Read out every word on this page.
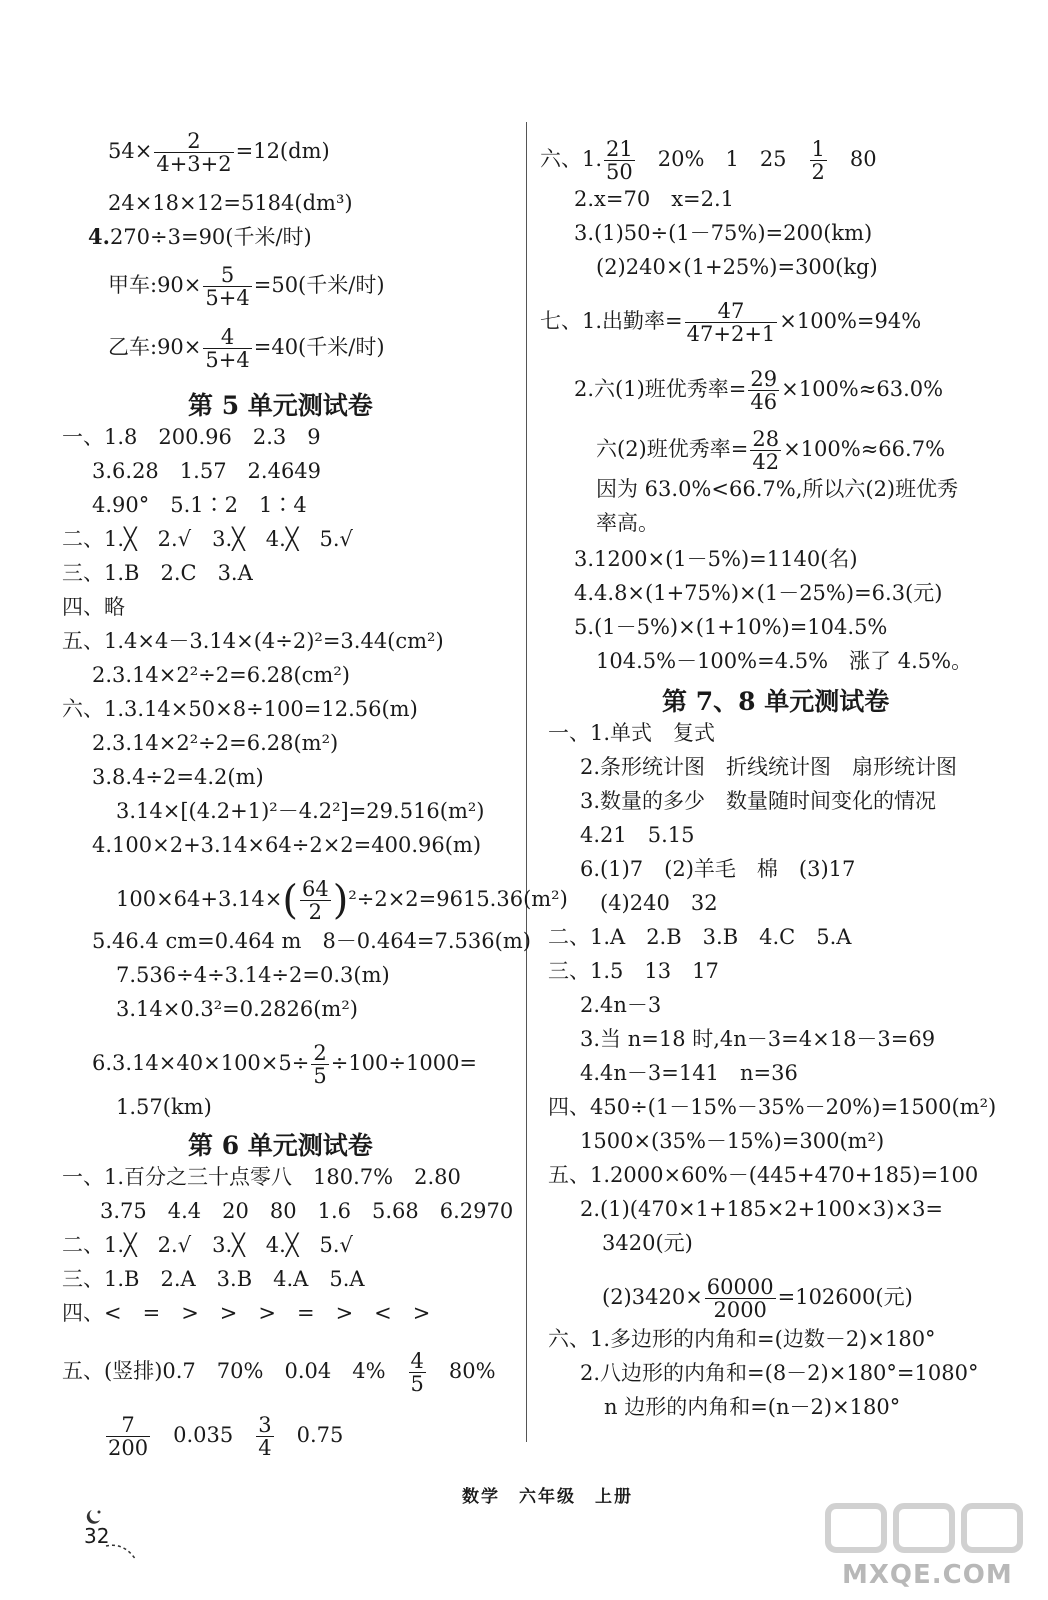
$54\times \frac{2}{4+3+2} =12(dm)$
24×18×12=5184(dm³)
4.270÷3=90(千米/时)
甲车:90× $\frac{5}{5+4} =50$(千米/时)
乙车:90× $\frac{4}{5+4} =40$(千米/时)
第 5 单元测试卷
一、1.8　200.96　2.3　9
3.6.28　1.57　2.4649
4.90°　5.1∶2　1∶4
二、1.╳　2.√　3.╳　4.╳　5.√
三、1.B　2.C　3.A
四、略
五、1.4×4－3.14×(4÷2)²=3.44(cm²)
2.3.14×2²÷2=6.28(cm²)
六、1.3.14×50×8÷100=12.56(m)
2.3.14×2²÷2=6.28(m²)
3.8.4÷2=4.2(m)
3.14×[(4.2+1)²－4.2²]=29.516(m²)
4.100×2+3.14×64÷2×2=400.96(m)
$100\times 64+3.14\times( \frac{64}{2} )^2\div 2\times 2=9615.36(m^2)$
5.46.4 cm=0.464 m　8－0.464=7.536(m)
7.536÷4÷3.14÷2=0.3(m)
3.14×0.3²=0.2826(m²)
$6.3.14\times 40\times 100\times 5\div \frac{2}{5} \div 100\div 1000=$
1.57(km)
第 6 单元测试卷
一、1.百分之三十点零八　180.7%　2.80
3.75　4.4　20　80　1.6　5.68　6.2970
二、1.╳　2.√　3.╳　4.╳　5.√
三、1.B　2.A　3.B　4.A　5.A
四、<　=　>　>　>　=　>　<　>
五、(竖排)0.7　70%　0.04　4%　 $\frac{4}{5}$ 　80%
$\frac{7}{200}$ 　0.035　 $\frac{3}{4}$ 　0.75
六、1. $\frac{21}{50}$ 　20%　1　25　 $\frac{1}{2}$ 　80
2.x=70　x=2.1
3.(1)50÷(1－75%)=200(km)
(2)240×(1+25%)=300(kg)
七、1.出勤率= $\frac{47}{47+2+1} \times 100\%=94\%$
2.六(1)班优秀率= $\frac{29}{46} \times 100\%\approx 63.0\%$
六(2)班优秀率= $\frac{28}{42} \times 100\%\approx 66.7\%$
因为 63.0%<66.7%,所以六(2)班优秀
率高。
3.1200×(1－5%)=1140(名)
4.4.8×(1+75%)×(1－25%)=6.3(元)
5.(1－5%)×(1+10%)=104.5%
104.5%－100%=4.5%　涨了 4.5%。
第 7、8 单元测试卷
一、1.单式　复式
2.条形统计图　折线统计图　扇形统计图
3.数量的多少　数量随时间变化的情况
4.21　5.15
6.(1)7　(2)羊毛　棉　(3)17
(4)240　32
二、1.A　2.B　3.B　4.C　5.A
三、1.5　13　17
2.4n－3
3.当 n=18 时,4n－3=4×18－3=69
4.4n－3=141　n=36
四、450÷(1－15%－35%－20%)=1500(m²)
1500×(35%－15%)=300(m²)
五、1.2000×60%－(445+470+185)=100
2.(1)(470×1+185×2+100×3)×3=
3420(元)
$(2)3420\times \frac{60000}{2000} =102600$(元)
六、1.多边形的内角和=(边数－2)×180°
2.八边形的内角和=(8－2)×180°=1080°
n 边形的内角和=(n－2)×180°
32
数学　六年级　上册
MXQE.COM
